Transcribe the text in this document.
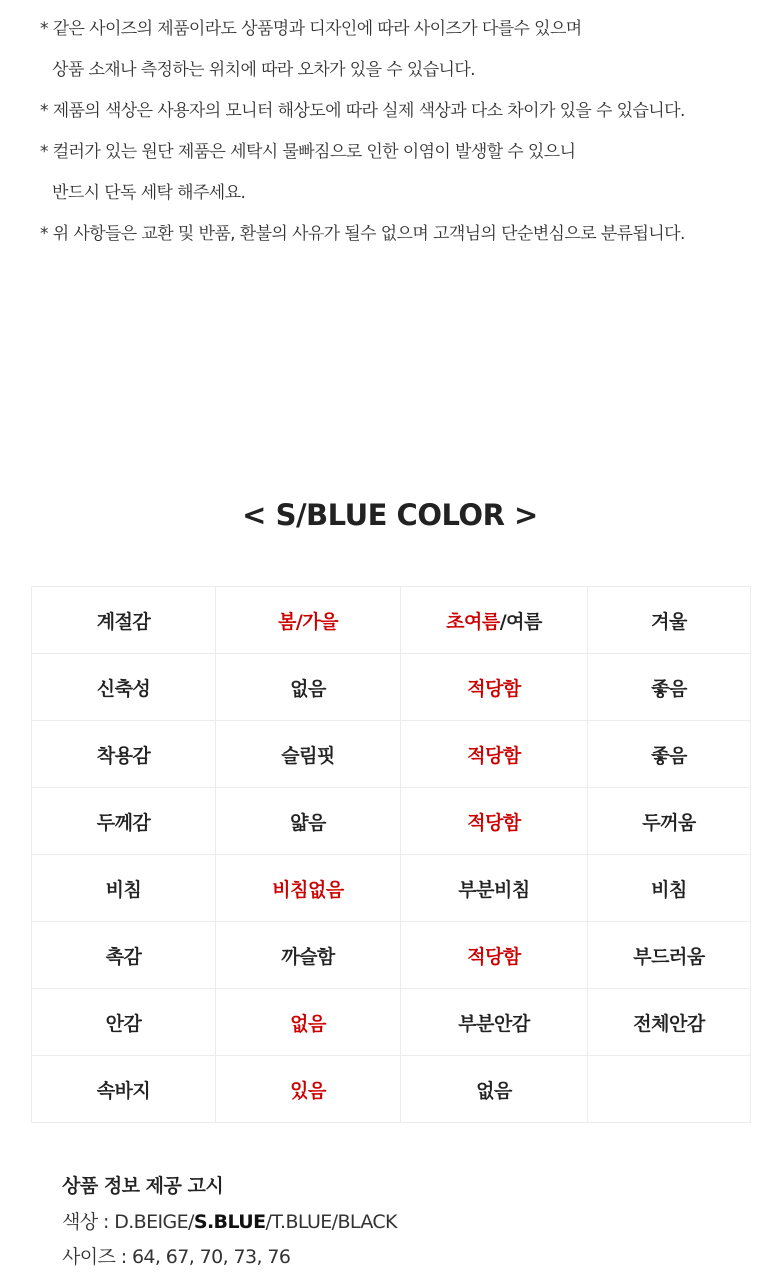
* 같은 사이즈의 제품이라도 상품명과 디자인에 따라 사이즈가 다를수 있으며
상품 소재나 측정하는 위치에 따라 오차가 있을 수 있습니다.
* 제품의 색상은 사용자의 모니터 해상도에 따라 실제 색상과 다소 차이가 있을 수 있습니다.
* 컬러가 있는 원단 제품은 세탁시 물빠짐으로 인한 이염이 발생할 수 있으니
반드시 단독 세탁 해주세요.
* 위 사항들은 교환 및 반품, 환불의 사유가 될수 없으며 고객님의 단순변심으로 분류됩니다.
< S/BLUE COLOR >
계절감	봄/가을	초여름/여름	겨울
신축성	없음	적당함	좋음
착용감	슬림핏	적당함	좋음
두께감	얇음	적당함	두꺼움
비침	비침없음	부분비침	비침
촉감	까슬함	적당함	부드러움
안감	없음	부분안감	전체안감
속바지	있음	없음	
상품 정보 제공 고시
색상 : D.BEIGE/S.BLUE/T.BLUE/BLACK
사이즈 : 64, 67, 70, 73, 76
